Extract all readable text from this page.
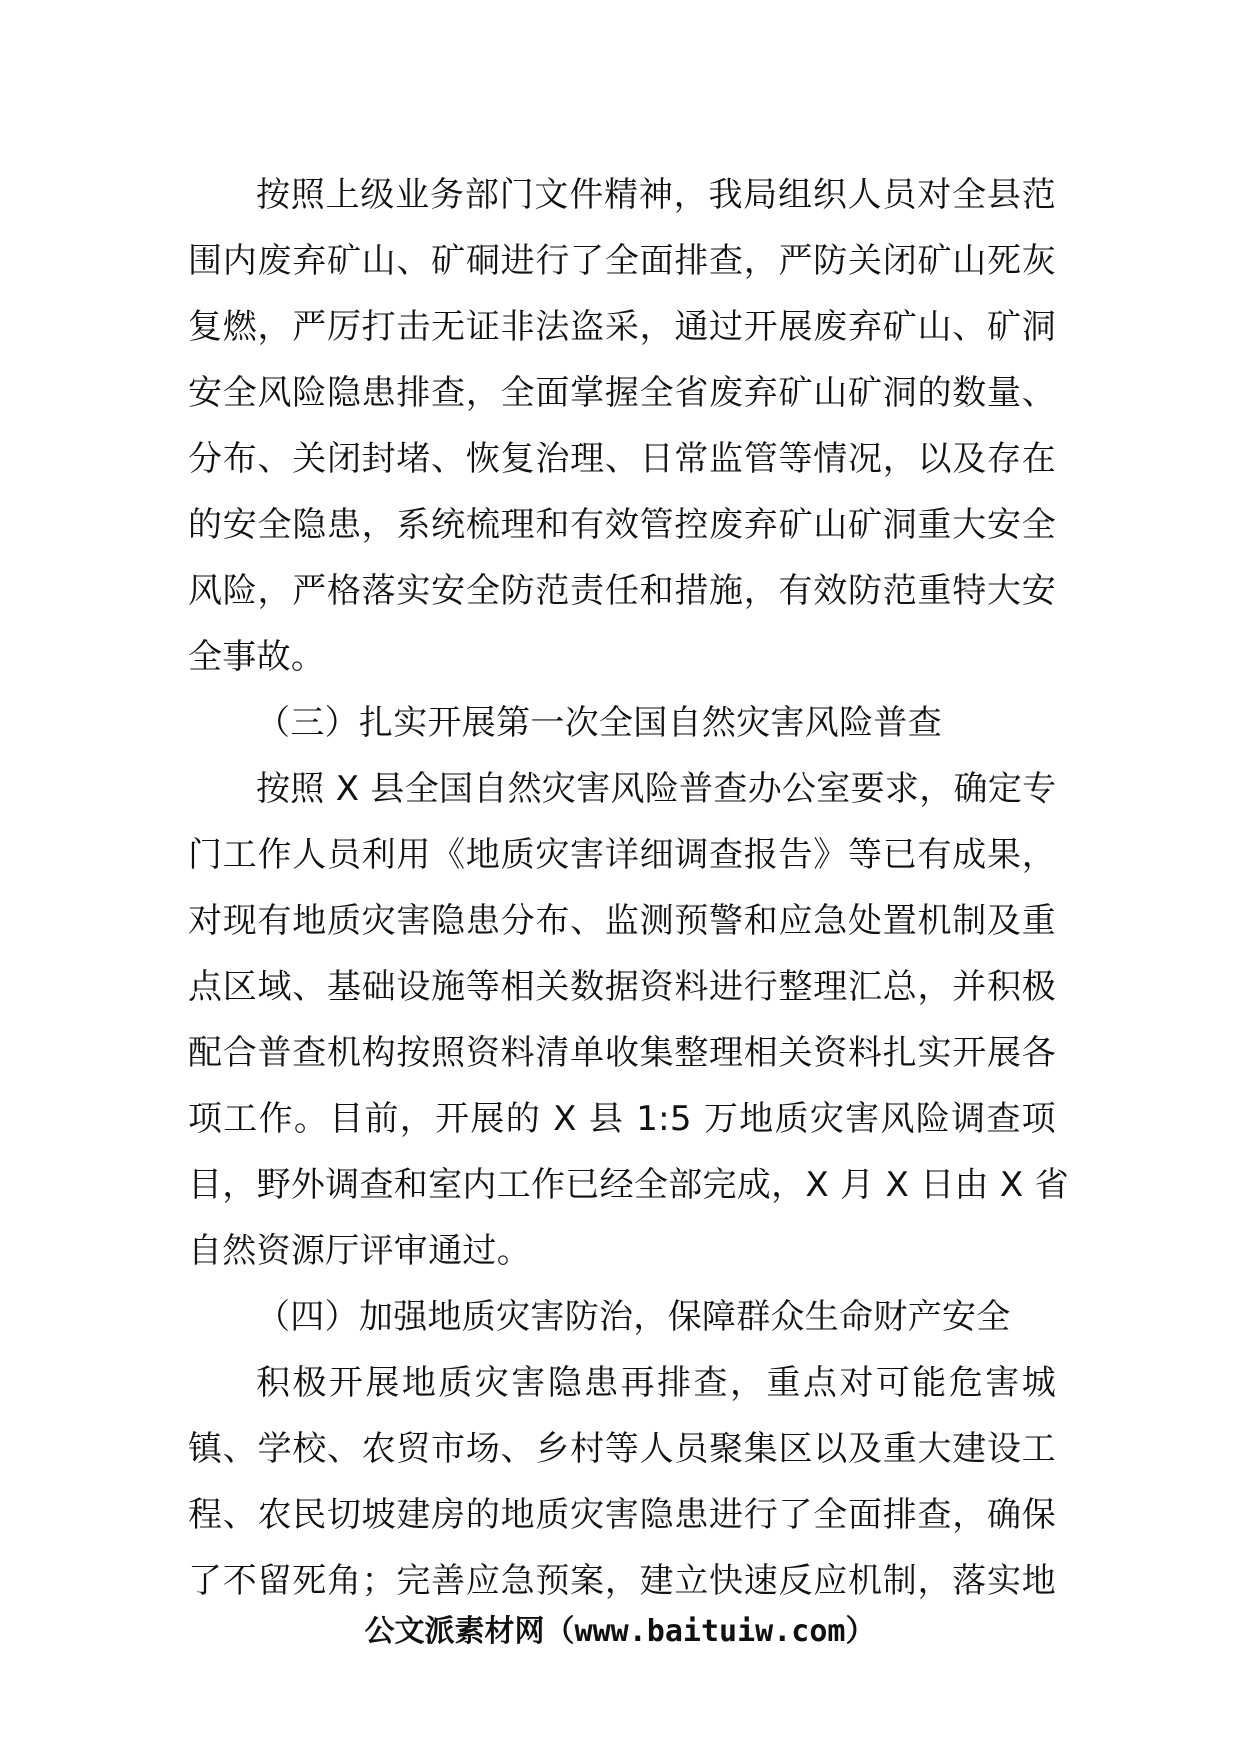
按照上级业务部门文件精神，我局组织人员对全县范
围内废弃矿山、矿硐进行了全面排查，严防关闭矿山死灰
复燃，严厉打击无证非法盗采，通过开展废弃矿山、矿洞
安全风险隐患排查，全面掌握全省废弃矿山矿洞的数量、
分布、关闭封堵、恢复治理、日常监管等情况，以及存在
的安全隐患，系统梳理和有效管控废弃矿山矿洞重大安全
风险，严格落实安全防范责任和措施，有效防范重特大安
全事故。
（三）扎实开展第一次全国自然灾害风险普查
按照 X 县全国自然灾害风险普查办公室要求，确定专
门工作人员利用《地质灾害详细调查报告》等已有成果，
对现有地质灾害隐患分布、监测预警和应急处置机制及重
点区域、基础设施等相关数据资料进行整理汇总，并积极
配合普查机构按照资料清单收集整理相关资料扎实开展各
项工作。目前，开展的 X 县 1:5 万地质灾害风险调查项
目，野外调查和室内工作已经全部完成，X 月 X 日由 X 省
自然资源厅评审通过。
（四）加强地质灾害防治，保障群众生命财产安全
积极开展地质灾害隐患再排查，重点对可能危害城
镇、学校、农贸市场、乡村等人员聚集区以及重大建设工
程、农民切坡建房的地质灾害隐患进行了全面排查，确保
了不留死角；完善应急预案，建立快速反应机制，落实地
公文派素材网（www.baituiw.com）
